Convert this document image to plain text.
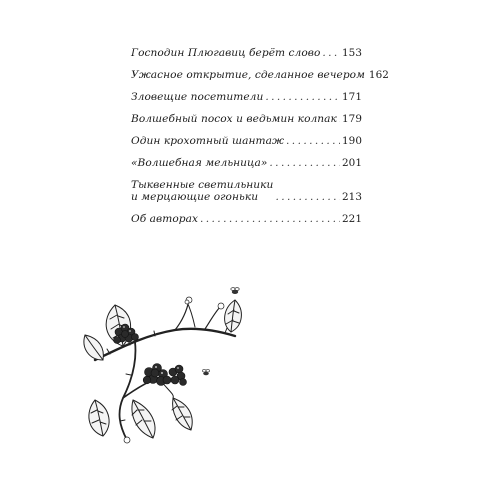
Господин Плюгавиц берёт слово ..... 153
Ужасное открытие, сделанное вечером 162
Зловещие посетители .....	171
Волшебный посох и ведьмин колпак ..... 179
Один крохотный шантаж .....	190
«Волшебная мельница» .....	201
Тыквенные светильники
и мерцающие огоньки .....	213
Об авторах .....	221
